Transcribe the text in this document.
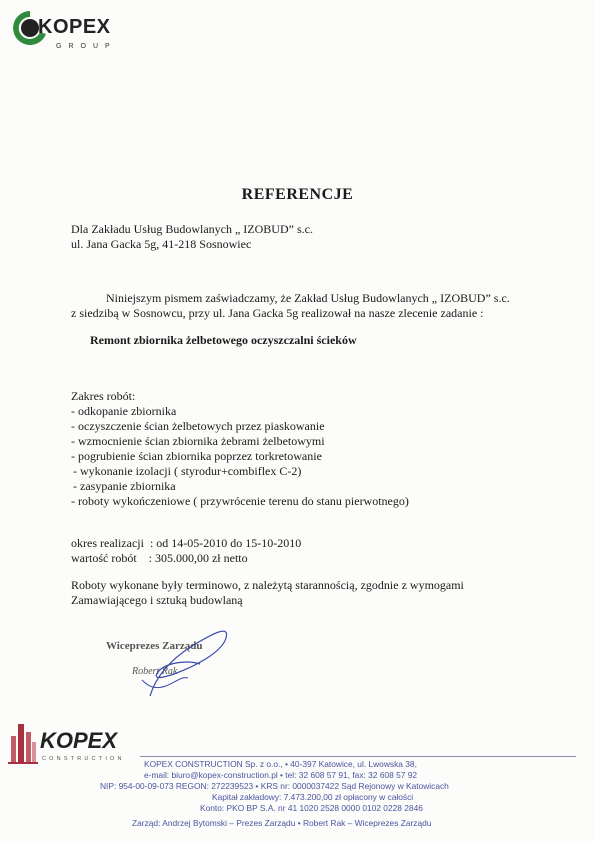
KOPEX
GROUP
REFERENCJE
Dla Zakładu Usług Budowlanych „ IZOBUD” s.c.
ul. Jana Gacka 5g, 41-218 Sosnowiec
Niniejszym pismem zaświadczamy, że Zakład Usług Budowlanych „ IZOBUD” s.c.
z siedzibą w Sosnowcu, przy ul. Jana Gacka 5g realizował na nasze zlecenie zadanie :
Remont zbiornika żelbetowego oczyszczalni ścieków
Zakres robót:
- odkopanie zbiornika
- oczyszczenie ścian żelbetowych przez piaskowanie
- wzmocnienie ścian zbiornika żebrami żelbetowymi
- pogrubienie ścian zbiornika poprzez torkretowanie
- wykonanie izolacji ( styrodur+combiflex C-2)
- zasypanie zbiornika
- roboty wykończeniowe ( przywrócenie terenu do stanu pierwotnego)
okres realizacji  : od 14-05-2010 do 15-10-2010
wartość robót    : 305.000,00 zł netto
Roboty wykonane były terminowo, z należytą starannością, zgodnie z wymogami
Zamawiającego i sztuką budowlaną
Wiceprezes Zarządu
Robert Rak
KOPEX
CONSTRUCTION KOPEX CONSTRUCTION Sp. z o.o., • 40-397 Katowice, ul. Lwowska 38,
e-mail: biuro@kopex-construction.pl • tel: 32 608 57 91, fax: 32 608 57 92
NIP: 954-00-09-073 REGON: 272239523 • KRS nr: 0000037422 Sąd Rejonowy w Katowicach
Kapitał zakładowy: 7.473.200,00 zł opłacony w całości
Konto: PKO BP S.A. nr 41 1020 2528 0000 0102 0228 2846
Zarząd: Andrzej Bytomski – Prezes Zarządu • Robert Rak – Wiceprezes Zarządu
